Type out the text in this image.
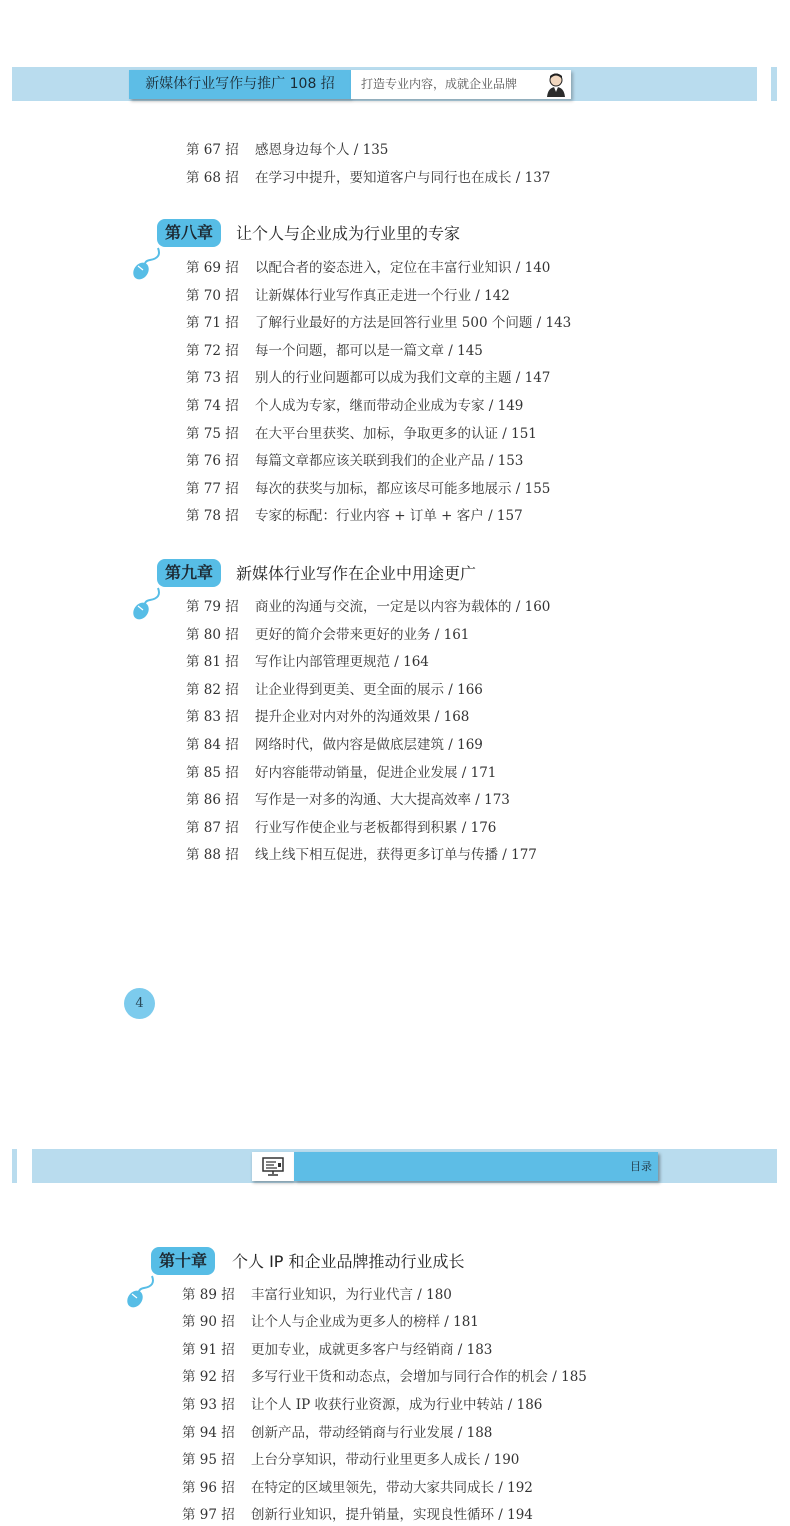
新媒体行业写作与推广 108 招	打造专业内容，成就企业品牌
第 67 招 感恩身边每个人 / 135
第 68 招 在学习中提升，要知道客户与同行也在成长 / 137
第八章	让个人与企业成为行业里的专家
第 69 招 以配合者的姿态进入，定位在丰富行业知识 / 140
第 70 招 让新媒体行业写作真正走进一个行业 / 142
第 71 招 了解行业最好的方法是回答行业里 500 个问题 / 143
第 72 招 每一个问题，都可以是一篇文章 / 145
第 73 招 别人的行业问题都可以成为我们文章的主题 / 147
第 74 招 个人成为专家，继而带动企业成为专家 / 149
第 75 招 在大平台里获奖、加标，争取更多的认证 / 151
第 76 招 每篇文章都应该关联到我们的企业产品 / 153
第 77 招 每次的获奖与加标，都应该尽可能多地展示 / 155
第 78 招 专家的标配：行业内容 + 订单 + 客户 / 157
第九章	新媒体行业写作在企业中用途更广
第 79 招 商业的沟通与交流，一定是以内容为载体的 / 160
第 80 招 更好的简介会带来更好的业务 / 161
第 81 招 写作让内部管理更规范 / 164
第 82 招 让企业得到更美、更全面的展示 / 166
第 83 招 提升企业对内对外的沟通效果 / 168
第 84 招 网络时代，做内容是做底层建筑 / 169
第 85 招 好内容能带动销量，促进企业发展 / 171
第 86 招 写作是一对多的沟通、大大提高效率 / 173
第 87 招 行业写作使企业与老板都得到积累 / 176
第 88 招 线上线下相互促进，获得更多订单与传播 / 177
4
目录
第十章	个人 IP 和企业品牌推动行业成长
第 89 招 丰富行业知识，为行业代言 / 180
第 90 招 让个人与企业成为更多人的榜样 / 181
第 91 招 更加专业，成就更多客户与经销商 / 183
第 92 招 多写行业干货和动态点，会增加与同行合作的机会 / 185
第 93 招 让个人 IP 收获行业资源，成为行业中转站 / 186
第 94 招 创新产品，带动经销商与行业发展 / 188
第 95 招 上台分享知识，带动行业里更多人成长 / 190
第 96 招 在特定的区域里领先，带动大家共同成长 / 192
第 97 招 创新行业知识，提升销量，实现良性循环 / 194
